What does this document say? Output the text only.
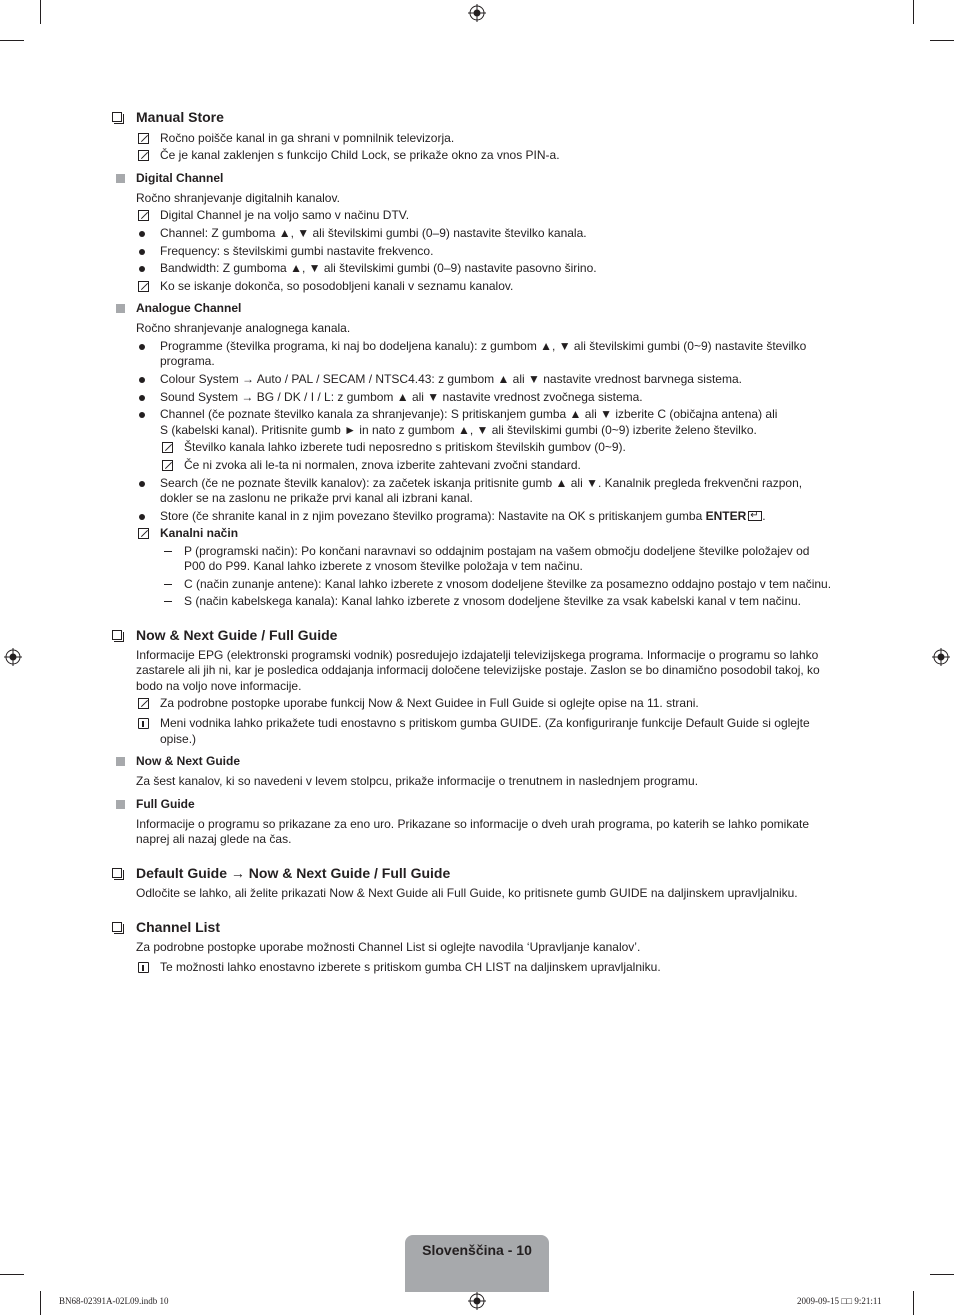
Manual Store
Ročno poišče kanal in ga shrani v pomnilnik televizorja.
Če je kanal zaklenjen s funkcijo Child Lock, se prikaže okno za vnos PIN-a.
Digital Channel
Ročno shranjevanje digitalnih kanalov.
Digital Channel je na voljo samo v načinu DTV.
Channel: Z gumboma ▲, ▼ ali številskimi gumbi (0–9) nastavite številko kanala.
Frequency: s številskimi gumbi nastavite frekvenco.
Bandwidth: Z gumboma ▲, ▼ ali številskimi gumbi (0–9) nastavite pasovno širino.
Ko se iskanje dokonča, so posodobljeni kanali v seznamu kanalov.
Analogue Channel
Ročno shranjevanje analognega kanala.
Programme (številka programa, ki naj bo dodeljena kanalu): z gumbom ▲, ▼ ali številskimi gumbi (0~9) nastavite številko
programa.
Colour System → Auto / PAL / SECAM / NTSC4.43: z gumbom ▲ ali ▼ nastavite vrednost barvnega sistema.
Sound System → BG / DK / I / L: z gumbom ▲ ali ▼ nastavite vrednost zvočnega sistema.
Channel (če poznate številko kanala za shranjevanje): S pritiskanjem gumba ▲ ali ▼ izberite C (običajna antena) ali
S (kabelski kanal). Pritisnite gumb ► in nato z gumbom ▲, ▼ ali številskimi gumbi (0~9) izberite želeno številko.
Številko kanala lahko izberete tudi neposredno s pritiskom številskih gumbov (0~9).
Če ni zvoka ali le-ta ni normalen, znova izberite zahtevani zvočni standard.
Search (če ne poznate številk kanalov): za začetek iskanja pritisnite gumb ▲ ali ▼. Kanalnik pregleda frekvenčni razpon,
dokler se na zaslonu ne prikaže prvi kanal ali izbrani kanal.
Store (če shranite kanal in z njim povezano številko programa): Nastavite na OK s pritiskanjem gumba ENTER↵ .
Kanalni način
P (programski način): Po končani naravnavi so oddajnim postajam na vašem območju dodeljene številke položajev od
P00 do P99. Kanal lahko izberete z vnosom številke položaja v tem načinu.
C (način zunanje antene): Kanal lahko izberete z vnosom dodeljene številke za posamezno oddajno postajo v tem načinu.
S (način kabelskega kanala): Kanal lahko izberete z vnosom dodeljene številke za vsak kabelski kanal v tem načinu.
Now & Next Guide / Full Guide
Informacije EPG (elektronski programski vodnik) posredujejo izdajatelji televizijskega programa. Informacije o programu so lahko
zastarele ali jih ni, kar je posledica oddajanja informacij določene televizijske postaje. Zaslon se bo dinamično posodobil takoj, ko
bodo na voljo nove informacije.
Za podrobne postopke uporabe funkcij Now & Next Guidee in Full Guide si oglejte opise na 11. strani.
Meni vodnika lahko prikažete tudi enostavno s pritiskom gumba GUIDE. (Za konfiguriranje funkcije Default Guide si oglejte
opise.)
Now & Next Guide
Za šest kanalov, ki so navedeni v levem stolpcu, prikaže informacije o trenutnem in naslednjem programu.
Full Guide
Informacije o programu so prikazane za eno uro. Prikazane so informacije o dveh urah programa, po katerih se lahko pomikate
naprej ali nazaj glede na čas.
Default Guide → Now & Next Guide / Full Guide
Odločite se lahko, ali želite prikazati Now & Next Guide ali Full Guide, ko pritisnete gumb GUIDE na daljinskem upravljalniku.
Channel List
Za podrobne postopke uporabe možnosti Channel List si oglejte navodila ‘Upravljanje kanalov’.
Te možnosti lahko enostavno izberete s pritiskom gumba CH LIST na daljinskem upravljalniku.
Slovenščina - 10
BN68-02391A-02L09.indb 10	2009-09-15 □□ 9:21:11
